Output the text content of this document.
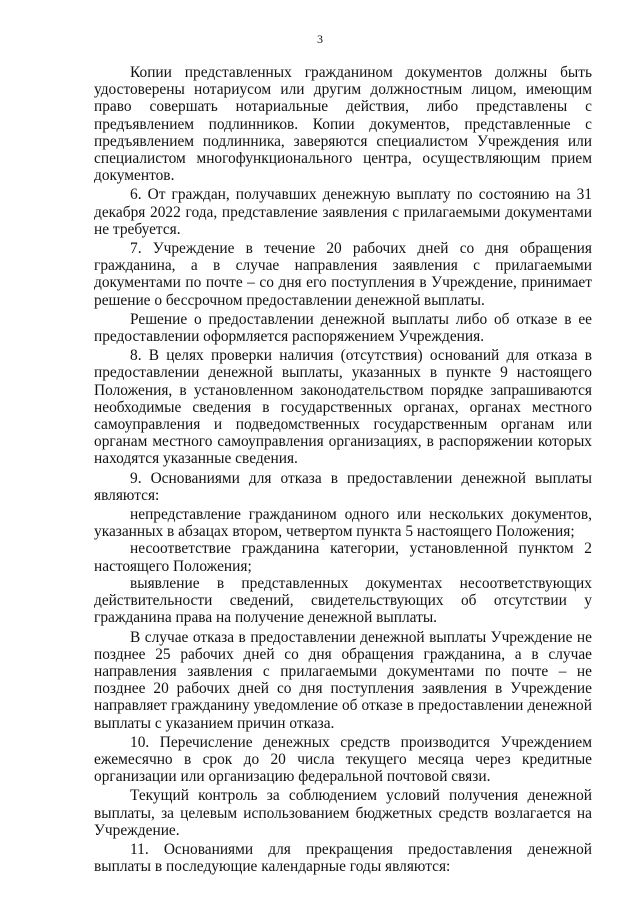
3

Копии представленных гражданином документов должны быть удостоверены нотариусом или другим должностным лицом, имеющим право совершать нотариальные действия, либо представлены с предъявлением подлинников. Копии документов, представленные с предъявлением подлинника, заверяются специалистом Учреждения или специалистом многофункционального центра, осуществляющим прием документов.

6. От граждан, получавших денежную выплату по состоянию на 31 декабря 2022 года, представление заявления с прилагаемыми документами не требуется.

7. Учреждение в течение 20 рабочих дней со дня обращения гражданина, а в случае направления заявления с прилагаемыми документами по почте – со дня его поступления в Учреждение, принимает решение о бессрочном предоставлении денежной выплаты.

Решение о предоставлении денежной выплаты либо об отказе в ее предоставлении оформляется распоряжением Учреждения.

8. В целях проверки наличия (отсутствия) оснований для отказа в предоставлении денежной выплаты, указанных в пункте 9 настоящего Положения, в установленном законодательством порядке запрашиваются необходимые сведения в государственных органах, органах местного самоуправления и подведомственных государственным органам или органам местного самоуправления организациях, в распоряжении которых находятся указанные сведения.

9. Основаниями для отказа в предоставлении денежной выплаты являются:

непредставление гражданином одного или нескольких документов, указанных в абзацах втором, четвертом пункта 5 настоящего Положения;

несоответствие гражданина категории, установленной пунктом 2 настоящего Положения;

выявление в представленных документах несоответствующих действительности сведений, свидетельствующих об отсутствии у гражданина права на получение денежной выплаты.

В случае отказа в предоставлении денежной выплаты Учреждение не позднее 25 рабочих дней со дня обращения гражданина, а в случае направления заявления с прилагаемыми документами по почте – не позднее 20 рабочих дней со дня поступления заявления в Учреждение направляет гражданину уведомление об отказе в предоставлении денежной выплаты с указанием причин отказа.

10. Перечисление денежных средств производится Учреждением ежемесячно в срок до 20 числа текущего месяца через кредитные организации или организацию федеральной почтовой связи.

Текущий контроль за соблюдением условий получения денежной выплаты, за целевым использованием бюджетных средств возлагается на Учреждение.

11. Основаниями для прекращения предоставления денежной выплаты в последующие календарные годы являются:
